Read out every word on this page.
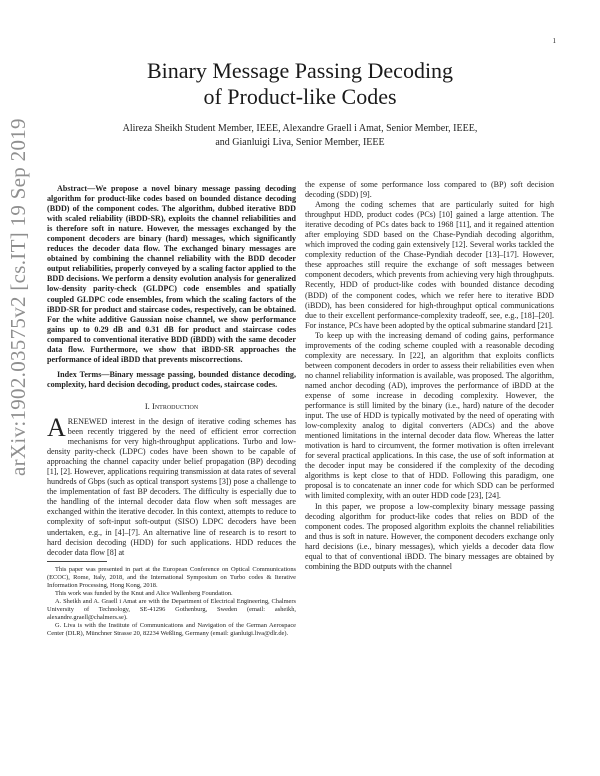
1
arXiv:1902.03575v2 [cs.IT] 19 Sep 2019
Binary Message Passing Decoding
of Product-like Codes
Alireza Sheikh Student Member, IEEE, Alexandre Graell i Amat, Senior Member, IEEE,
and Gianluigi Liva, Senior Member, IEEE

Abstract—We propose a novel binary message passing decoding algorithm for product-like codes based on bounded distance decoding (BDD) of the component codes. The algorithm, dubbed iterative BDD with scaled reliability (iBDD-SR), exploits the channel reliabilities and is therefore soft in nature. However, the messages exchanged by the component decoders are binary (hard) messages, which significantly reduces the decoder data flow. The exchanged binary messages are obtained by combining the channel reliability with the BDD decoder output reliabilities, properly conveyed by a scaling factor applied to the BDD decisions. We perform a density evolution analysis for generalized low-density parity-check (GLDPC) code ensembles and spatially coupled GLDPC code ensembles, from which the scaling factors of the iBDD-SR for product and staircase codes, respectively, can be obtained. For the white additive Gaussian noise channel, we show performance gains up to 0.29 dB and 0.31 dB for product and staircase codes compared to conventional iterative BDD (iBDD) with the same decoder data flow. Furthermore, we show that iBDD-SR approaches the performance of ideal iBDD that prevents miscorrections.

Index Terms—Binary message passing, bounded distance decoding, complexity, hard decision decoding, product codes, staircase codes.

I. Introduction

ARENEWED interest in the design of iterative coding schemes has been recently triggered by the need of efficient error correction mechanisms for very high-throughput applications. Turbo and low-density parity-check (LDPC) codes have been shown to be capable of approaching the channel capacity under belief propagation (BP) decoding [1], [2]. However, applications requiring transmission at data rates of several hundreds of Gbps (such as optical transport systems [3]) pose a challenge to the implementation of fast BP decoders. The difficulty is especially due to the handling of the internal decoder data flow when soft messages are exchanged within the iterative decoder. In this context, attempts to reduce to complexity of soft-input soft-output (SISO) LDPC decoders have been undertaken, e.g., in [4]–[7]. An alternative line of research is to resort to hard decision decoding (HDD) for such applications. HDD reduces the decoder data flow [8] at

This paper was presented in part at the European Conference on Optical Communications (ECOC), Rome, Italy, 2018, and the International Symposium on Turbo codes & Iterative Information Processing, Hong Kong, 2018.

This work was funded by the Knut and Alice Wallenberg Foundation.

A. Sheikh and A. Graell i Amat are with the Department of Electrical Engineering, Chalmers University of Technology, SE-41296 Gothenburg, Sweden (email: asheikh, alexandre.graell@chalmers.se).

G. Liva is with the Institute of Communications and Navigation of the German Aerospace Center (DLR), Münchner Strasse 20, 82234 Weßling, Germany (email: gianluigi.liva@dlr.de).

the expense of some performance loss compared to (BP) soft decision decoding (SDD) [9].

Among the coding schemes that are particularly suited for high throughput HDD, product codes (PCs) [10] gained a large attention. The iterative decoding of PCs dates back to 1968 [11], and it regained attention after employing SDD based on the Chase-Pyndiah decoding algorithm, which improved the coding gain extensively [12]. Several works tackled the complexity reduction of the Chase-Pyndiah decoder [13]–[17]. However, these approaches still require the exchange of soft messages between component decoders, which prevents from achieving very high throughputs. Recently, HDD of product-like codes with bounded distance decoding (BDD) of the component codes, which we refer here to iterative BDD (iBDD), has been considered for high-throughput optical communications due to their excellent performance-complexity tradeoff, see, e.g., [18]–[20]. For instance, PCs have been adopted by the optical submarine standard [21].

To keep up with the increasing demand of coding gains, performance improvements of the coding scheme coupled with a reasonable decoding complexity are necessary. In [22], an algorithm that exploits conflicts between component decoders in order to assess their reliabilities even when no channel reliability information is available, was proposed. The algorithm, named anchor decoding (AD), improves the performance of iBDD at the expense of some increase in decoding complexity. However, the performance is still limited by the binary (i.e., hard) nature of the decoder input. The use of HDD is typically motivated by the need of operating with low-complexity analog to digital converters (ADCs) and the above mentioned limitations in the internal decoder data flow. Whereas the latter motivation is hard to circumvent, the former motivation is often irrelevant for several practical applications. In this case, the use of soft information at the decoder input may be considered if the complexity of the decoding algorithms is kept close to that of HDD. Following this paradigm, one proposal is to concatenate an inner code for which SDD can be performed with limited complexity, with an outer HDD code [23], [24].

In this paper, we propose a low-complexity binary message passing decoding algorithm for product-like codes that relies on BDD of the component codes. The proposed algorithm exploits the channel reliabilities and thus is soft in nature. However, the component decoders exchange only hard decisions (i.e., binary messages), which yields a decoder data flow equal to that of conventional iBDD. The binary messages are obtained by combining the BDD outputs with the channel
